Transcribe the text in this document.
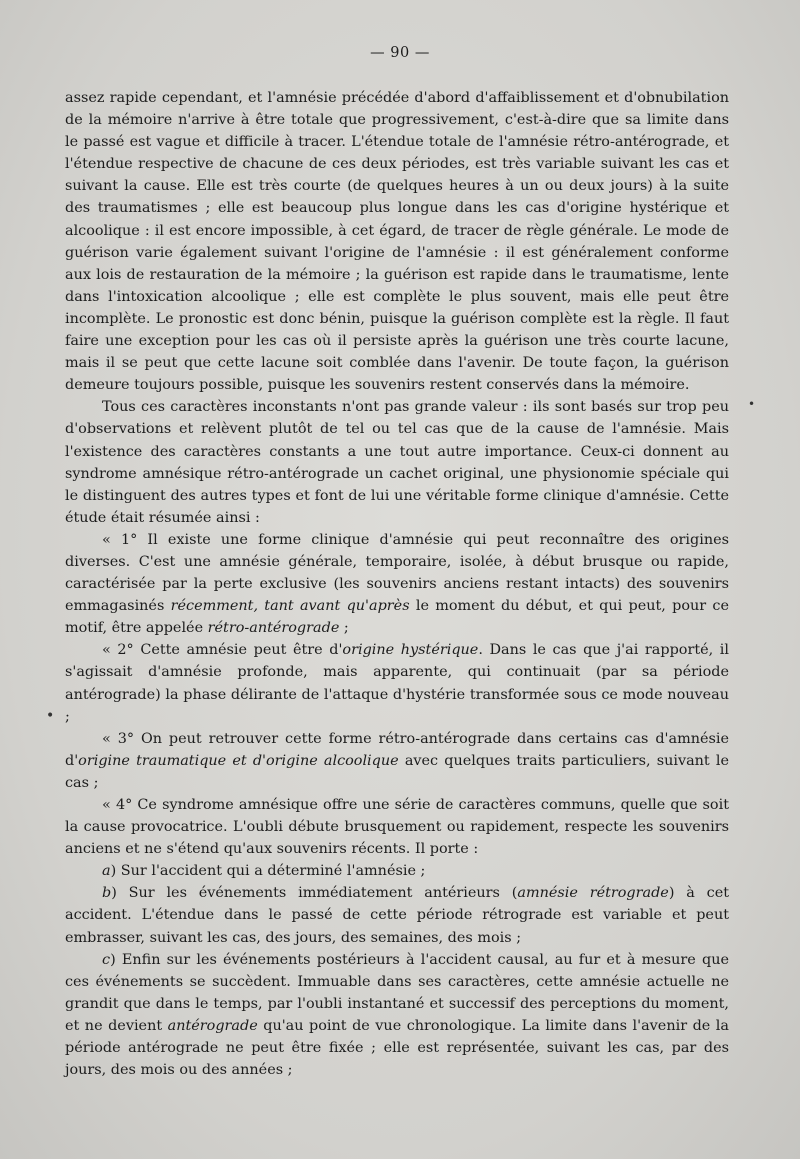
— 90 —

assez rapide cependant, et l'amnésie précédée d'abord d'affaiblissement et d'obnubilation de la mémoire n'arrive à être totale que progressivement, c'est-à-dire que sa limite dans le passé est vague et difficile à tracer. L'étendue totale de l'amnésie rétro-antérograde, et l'étendue respective de chacune de ces deux périodes, est très variable suivant les cas et suivant la cause. Elle est très courte (de quelques heures à un ou deux jours) à la suite des traumatismes ; elle est beaucoup plus longue dans les cas d'origine hystérique et alcoolique : il est encore impossible, à cet égard, de tracer de règle générale. Le mode de guérison varie également suivant l'origine de l'amnésie : il est généralement conforme aux lois de restauration de la mémoire ; la guérison est rapide dans le traumatisme, lente dans l'intoxication alcoolique ; elle est complète le plus souvent, mais elle peut être incomplète. Le pronostic est donc bénin, puisque la guérison complète est la règle. Il faut faire une exception pour les cas où il persiste après la guérison une très courte lacune, mais il se peut que cette lacune soit comblée dans l'avenir. De toute façon, la guérison demeure toujours possible, puisque les souvenirs restent conservés dans la mémoire.

Tous ces caractères inconstants n'ont pas grande valeur : ils sont basés sur trop peu d'observations et relèvent plutôt de tel ou tel cas que de la cause de l'amnésie. Mais l'existence des caractères constants a une tout autre importance. Ceux-ci donnent au syndrome amnésique rétro-antérograde un cachet original, une physionomie spéciale qui le distinguent des autres types et font de lui une véritable forme clinique d'amnésie. Cette étude était résumée ainsi :

« 1° Il existe une forme clinique d'amnésie qui peut reconnaître des origines diverses. C'est une amnésie générale, temporaire, isolée, à début brusque ou rapide, caractérisée par la perte exclusive (les souvenirs anciens restant intacts) des souvenirs emmagasinés récemment, tant avant qu'après le moment du début, et qui peut, pour ce motif, être appelée rétro-antérograde ;

« 2° Cette amnésie peut être d'origine hystérique. Dans le cas que j'ai rapporté, il s'agissait d'amnésie profonde, mais apparente, qui continuait (par sa période antérograde) la phase délirante de l'attaque d'hystérie transformée sous ce mode nouveau ;

« 3° On peut retrouver cette forme rétro-antérograde dans certains cas d'amnésie d'origine traumatique et d'origine alcoolique avec quelques traits particuliers, suivant le cas ;

« 4° Ce syndrome amnésique offre une série de caractères communs, quelle que soit la cause provocatrice. L'oubli débute brusquement ou rapidement, respecte les souvenirs anciens et ne s'étend qu'aux souvenirs récents. Il porte :

a) Sur l'accident qui a déterminé l'amnésie ;

b) Sur les événements immédiatement antérieurs (amnésie rétrograde) à cet accident. L'étendue dans le passé de cette période rétrograde est variable et peut embrasser, suivant les cas, des jours, des semaines, des mois ;

c) Enfin sur les événements postérieurs à l'accident causal, au fur et à mesure que ces événements se succèdent. Immuable dans ses caractères, cette amnésie actuelle ne grandit que dans le temps, par l'oubli instantané et successif des perceptions du moment, et ne devient antérograde qu'au point de vue chronologique. La limite dans l'avenir de la période antérograde ne peut être fixée ; elle est représentée, suivant les cas, par des jours, des mois ou des années ;

•
•
